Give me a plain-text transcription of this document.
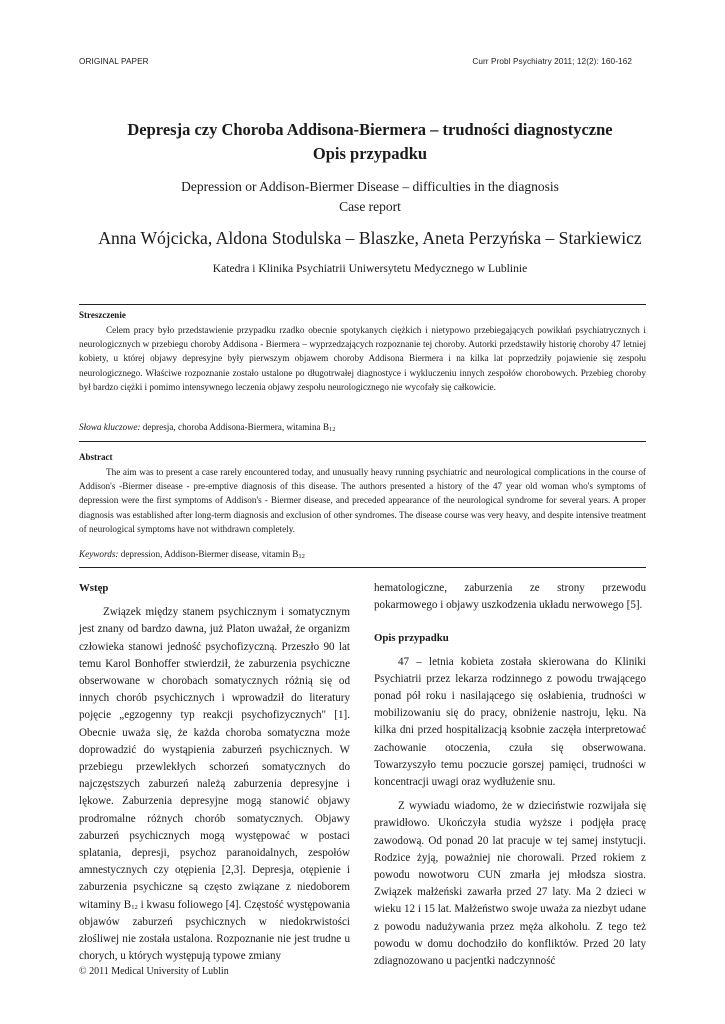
ORIGINAL PAPER	Curr Probl Psychiatry 2011; 12(2): 160-162
Depresja czy Choroba Addisona-Biermera – trudności diagnostyczne
Opis przypadku
Depression or Addison-Biermer Disease – difficulties in the diagnosis
Case report
Anna Wójcicka, Aldona Stodulska – Blaszke, Aneta Perzyńska – Starkiewicz
Katedra i Klinika Psychiatrii Uniwersytetu Medycznego w Lublinie
Streszczenie

Celem pracy było przedstawienie przypadku rzadko obecnie spotykanych ciężkich i nietypowo przebiegających powikłań psychiatrycznych i neurologicznych w przebiegu choroby Addisona - Biermera – wyprzedzających rozpoznanie tej choroby. Autorki przedstawiły historię choroby 47 letniej kobiety, u której objawy depresyjne były pierwszym objawem choroby Addisona Biermera i na kilka lat poprzedziły pojawienie się zespołu neurologicznego. Właściwe rozpoznanie zostało ustalone po długotrwałej diagnostyce i wykluczeniu innych zespołów chorobowych. Przebieg choroby był bardzo ciężki i pomimo intensywnego leczenia objawy zespołu neurologicznego nie wycofały się całkowicie.

Słowa kluczowe: depresja, choroba Addisona-Biermera, witamina $B_{12}$
Abstract

The aim was to present a case rarely encountered today, and unusually heavy running psychiatric and neurological complications in the course of Addison's -Biermer disease - pre-emptive diagnosis of this disease. The authors presented a history of the 47 year old woman who's symptoms of depression were the first symptoms of Addison's - Biermer disease, and preceded appearance of the neurological syndrome for several years. A proper diagnosis was established after long-term diagnosis and exclusion of other syndromes. The disease course was very heavy, and despite intensive treatment of neurological symptoms have not withdrawn completely.

Keywords: depression, Addison-Biermer disease, vitamin $B_{12}$

Wstęp

Związek między stanem psychicznym i somatycznym jest znany od bardzo dawna, już Platon uważał, że organizm człowieka stanowi jedność psychofizyczną. Przeszło 90 lat temu Karol Bonhoffer stwierdził, że zaburzenia psychiczne obserwowane w chorobach somatycznych różnią się od innych chorób psychicznych i wprowadził do literatury pojęcie „egzogenny typ reakcji psychofizycznych" [1]. Obecnie uważa się, że każda choroba somatyczna może doprowadzić do wystąpienia zaburzeń psychicznych. W przebiegu przewlekłych schorzeń somatycznych do najczęstszych zaburzeń należą zaburzenia depresyjne i lękowe. Zaburzenia depresyjne mogą stanowić objawy prodromalne różnych chorób somatycznych. Objawy zaburzeń psychicznych mogą występować w postaci splatania, depresji, psychoz paranoidalnych, zespołów amnestycznych czy otępienia [2,3]. Depresja, otępienie i zaburzenia psychiczne są często związane z niedoborem witaminy $B_{12}$ i kwasu foliowego [4]. Częstość występowania objawów zaburzeń psychicznych w niedokrwistości złośliwej nie została ustalona. Rozpoznanie nie jest trudne u chorych, u których występują typowe zmiany

hematologiczne, zaburzenia ze strony przewodu pokarmowego i objawy uszkodzenia układu nerwowego [5].

Opis przypadku

47 – letnia kobieta została skierowana do Kliniki Psychiatrii przez lekarza rodzinnego z powodu trwającego ponad pół roku i nasilającego się osłabienia, trudności w mobilizowaniu się do pracy, obniżenie nastroju, lęku. Na kilka dni przed hospitalizacją ksobnie zaczęła interpretować zachowanie otoczenia, czuła się obserwowana. Towarzyszyło temu poczucie gorszej pamięci, trudności w koncentracji uwagi oraz wydłużenie snu.

Z wywiadu wiadomo, że w dzieciństwie rozwijała się prawidłowo. Ukończyła studia wyższe i podjęła pracę zawodową. Od ponad 20 lat pracuje w tej samej instytucji. Rodzice żyją, poważniej nie chorowali. Przed rokiem z powodu nowotworu CUN zmarła jej młodsza siostra. Związek małżeński zawarła przed 27 laty. Ma 2 dzieci w wieku 12 i 15 lat. Małżeństwo swoje uważa za niezbyt udane z powodu nadużywania przez męża alkoholu. Z tego też powodu w domu dochodziło do konfliktów. Przed 20 laty zdiagnozowano u pacjentki nadczynność

© 2011 Medical University of Lublin
